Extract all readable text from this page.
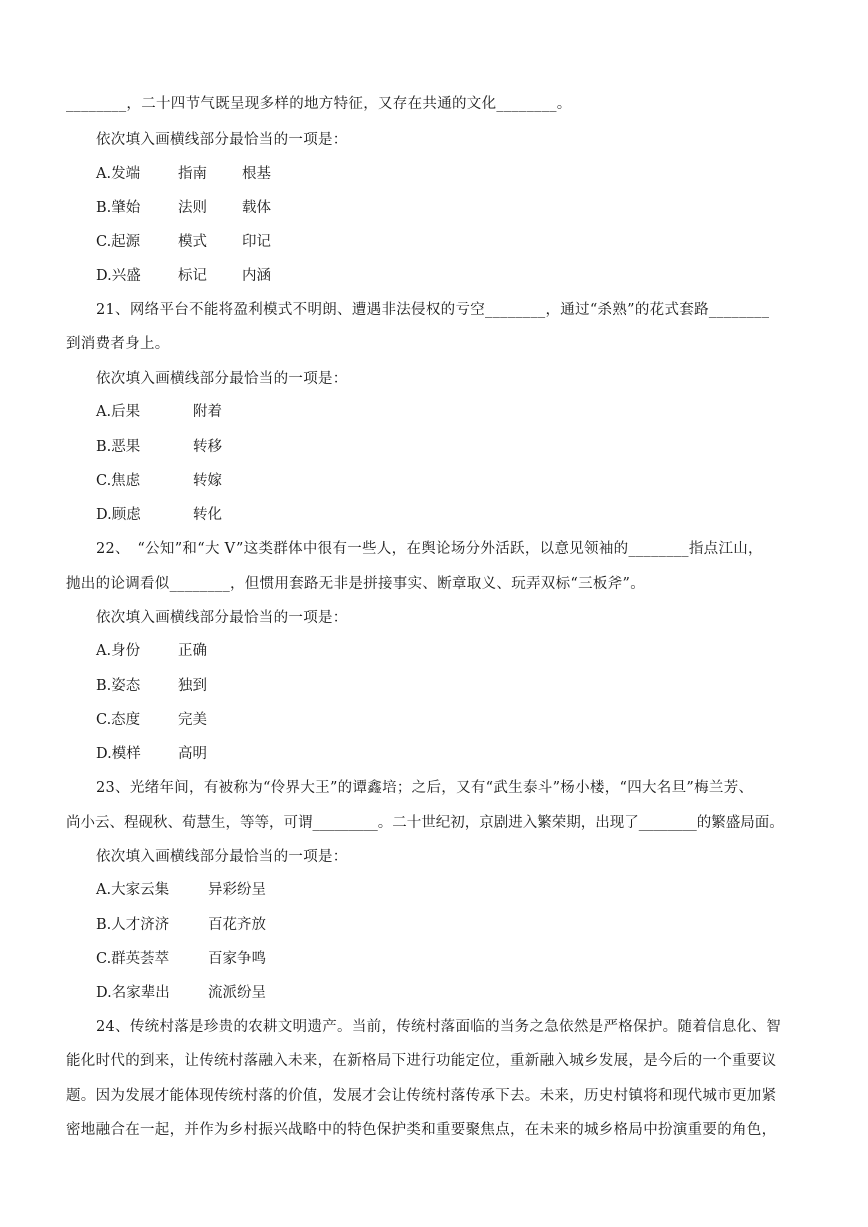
________，二十四节气既呈现多样的地方特征，又存在共通的文化________。
依次填入画横线部分最恰当的一项是：
A.发端	指南 根基
B.肇始	法则 载体
C.起源	模式 印记
D.兴盛	标记 内涵
21、网络平台不能将盈利模式不明朗、遭遇非法侵权的亏空________，通过“杀熟”的花式套路________
到消费者身上。
依次填入画横线部分最恰当的一项是：
A.后果	附着
B.恶果	转移
C.焦虑	转嫁
D.顾虑	转化
22、　“公知”和“大 V”这类群体中很有一些人，在舆论场分外活跃，以意见领袖的________指点江山，
抛出的论调看似________，但惯用套路无非是拼接事实、断章取义、玩弄双标“三板斧”。
依次填入画横线部分最恰当的一项是：
A.身份	正确
B.姿态	独到
C.态度	完美
D.模样	高明
23、光绪年间，有被称为“伶界大王”的谭鑫培；之后，又有“武生泰斗”杨小楼，“四大名旦”梅兰芳、
尚小云、程砚秋、荀慧生，等等，可谓_________。二十世纪初，京剧进入繁荣期，出现了________的繁盛局面。
依次填入画横线部分最恰当的一项是：
A.大家云集	异彩纷呈
B.人才济济	百花齐放
C.群英荟萃	百家争鸣
D.名家辈出	流派纷呈
24、传统村落是珍贵的农耕文明遗产。当前，传统村落面临的当务之急依然是严格保护。随着信息化、智
能化时代的到来，让传统村落融入未来，在新格局下进行功能定位，重新融入城乡发展，是今后的一个重要议
题。因为发展才能体现传统村落的价值，发展才会让传统村落传承下去。未来，历史村镇将和现代城市更加紧
密地融合在一起，并作为乡村振兴战略中的特色保护类和重要聚焦点，在未来的城乡格局中扮演重要的角色，
